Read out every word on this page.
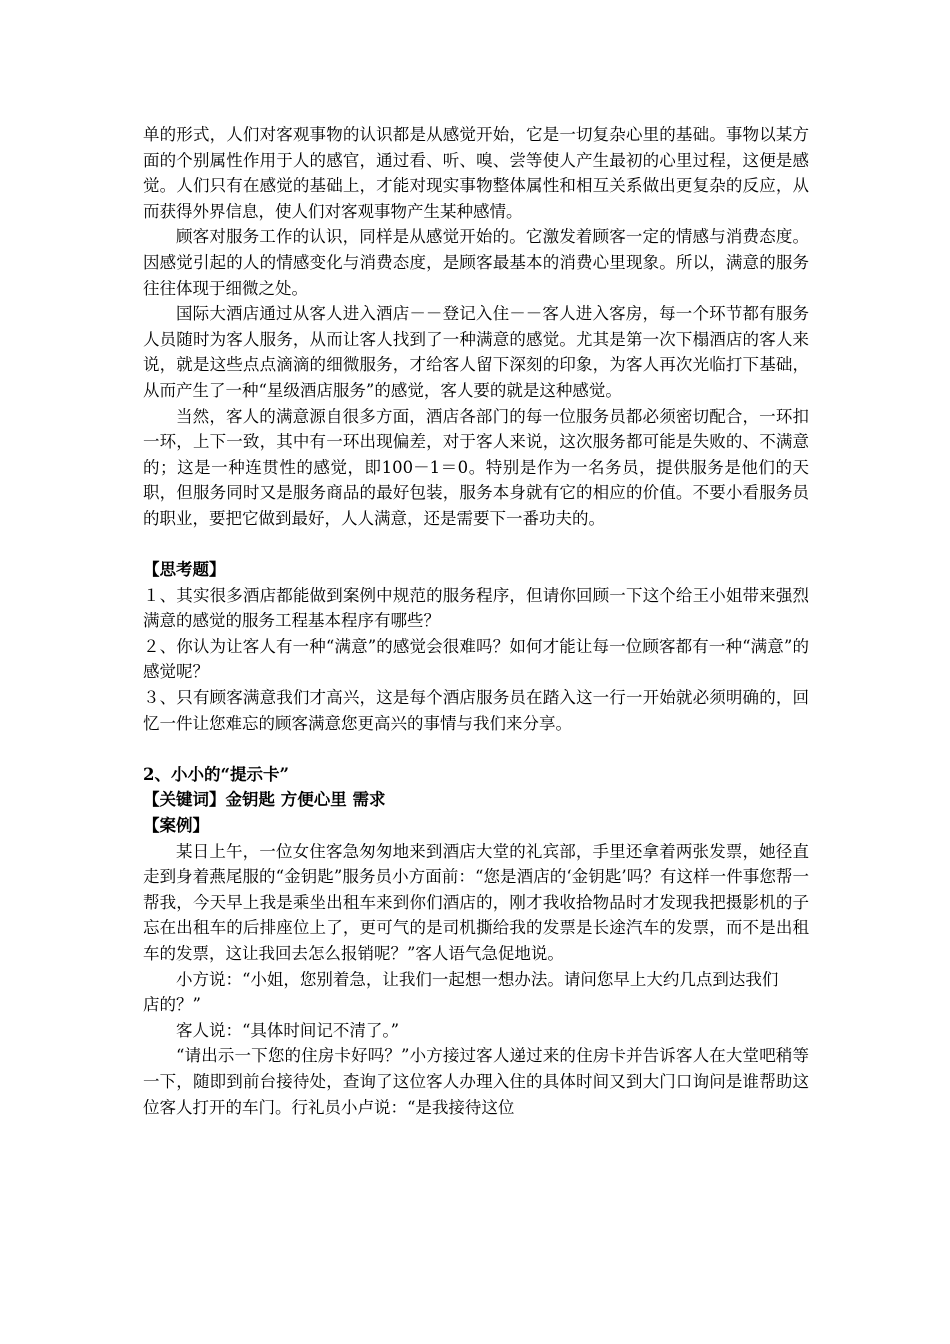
单的形式，人们对客观事物的认识都是从感觉开始，它是一切复杂心里的基础。事物以某方面的个别属性作用于人的感官，通过看、听、嗅、尝等使人产生最初的心里过程，这便是感觉。人们只有在感觉的基础上，才能对现实事物整体属性和相互关系做出更复杂的反应，从而获得外界信息，使人们对客观事物产生某种感情。

顾客对服务工作的认识，同样是从感觉开始的。它激发着顾客一定的情感与消费态度。因感觉引起的人的情感变化与消费态度，是顾客最基本的消费心里现象。所以，满意的服务往往体现于细微之处。

国际大酒店通过从客人进入酒店－－登记入住－－客人进入客房，每一个环节都有服务人员随时为客人服务，从而让客人找到了一种满意的感觉。尤其是第一次下榻酒店的客人来说，就是这些点点滴滴的细微服务，才给客人留下深刻的印象，为客人再次光临打下基础，从而产生了一种“星级酒店服务”的感觉，客人要的就是这种感觉。

当然，客人的满意源自很多方面，酒店各部门的每一位服务员都必须密切配合，一环扣一环，上下一致，其中有一环出现偏差，对于客人来说，这次服务都可能是失败的、不满意的；这是一种连贯性的感觉，即100－1＝0。特别是作为一名务员，提供服务是他们的天职，但服务同时又是服务商品的最好包装，服务本身就有它的相应的价值。不要小看服务员的职业，要把它做到最好，人人满意，还是需要下一番功夫的。

【思考题】

１、其实很多酒店都能做到案例中规范的服务程序，但请你回顾一下这个给王小姐带来强烈满意的感觉的服务工程基本程序有哪些？

２、你认为让客人有一种“满意”的感觉会很难吗？如何才能让每一位顾客都有一种“满意”的感觉呢？

３、只有顾客满意我们才高兴，这是每个酒店服务员在踏入这一行一开始就必须明确的，回忆一件让您难忘的顾客满意您更高兴的事情与我们来分享。

2、小小的“提示卡”

【关键词】金钥匙 方便心里 需求

【案例】

某日上午，一位女住客急匆匆地来到酒店大堂的礼宾部，手里还拿着两张发票，她径直走到身着燕尾服的“金钥匙”服务员小方面前：“您是酒店的‘金钥匙’吗？有这样一件事您帮一帮我，今天早上我是乘坐出租车来到你们酒店的，刚才我收拾物品时才发现我把摄影机的子忘在出租车的后排座位上了，更可气的是司机撕给我的发票是长途汽车的发票，而不是出租车的发票，这让我回去怎么报销呢？”客人语气急促地说。

小方说：“小姐，您别着急，让我们一起想一想办法。请问您早上大约几点到达我们

店的？”

客人说：“具体时间记不清了。”

“请出示一下您的住房卡好吗？”小方接过客人递过来的住房卡并告诉客人在大堂吧稍等一下，随即到前台接待处，查询了这位客人办理入住的具体时间又到大门口询问是谁帮助这位客人打开的车门。行礼员小卢说：“是我接待这位
